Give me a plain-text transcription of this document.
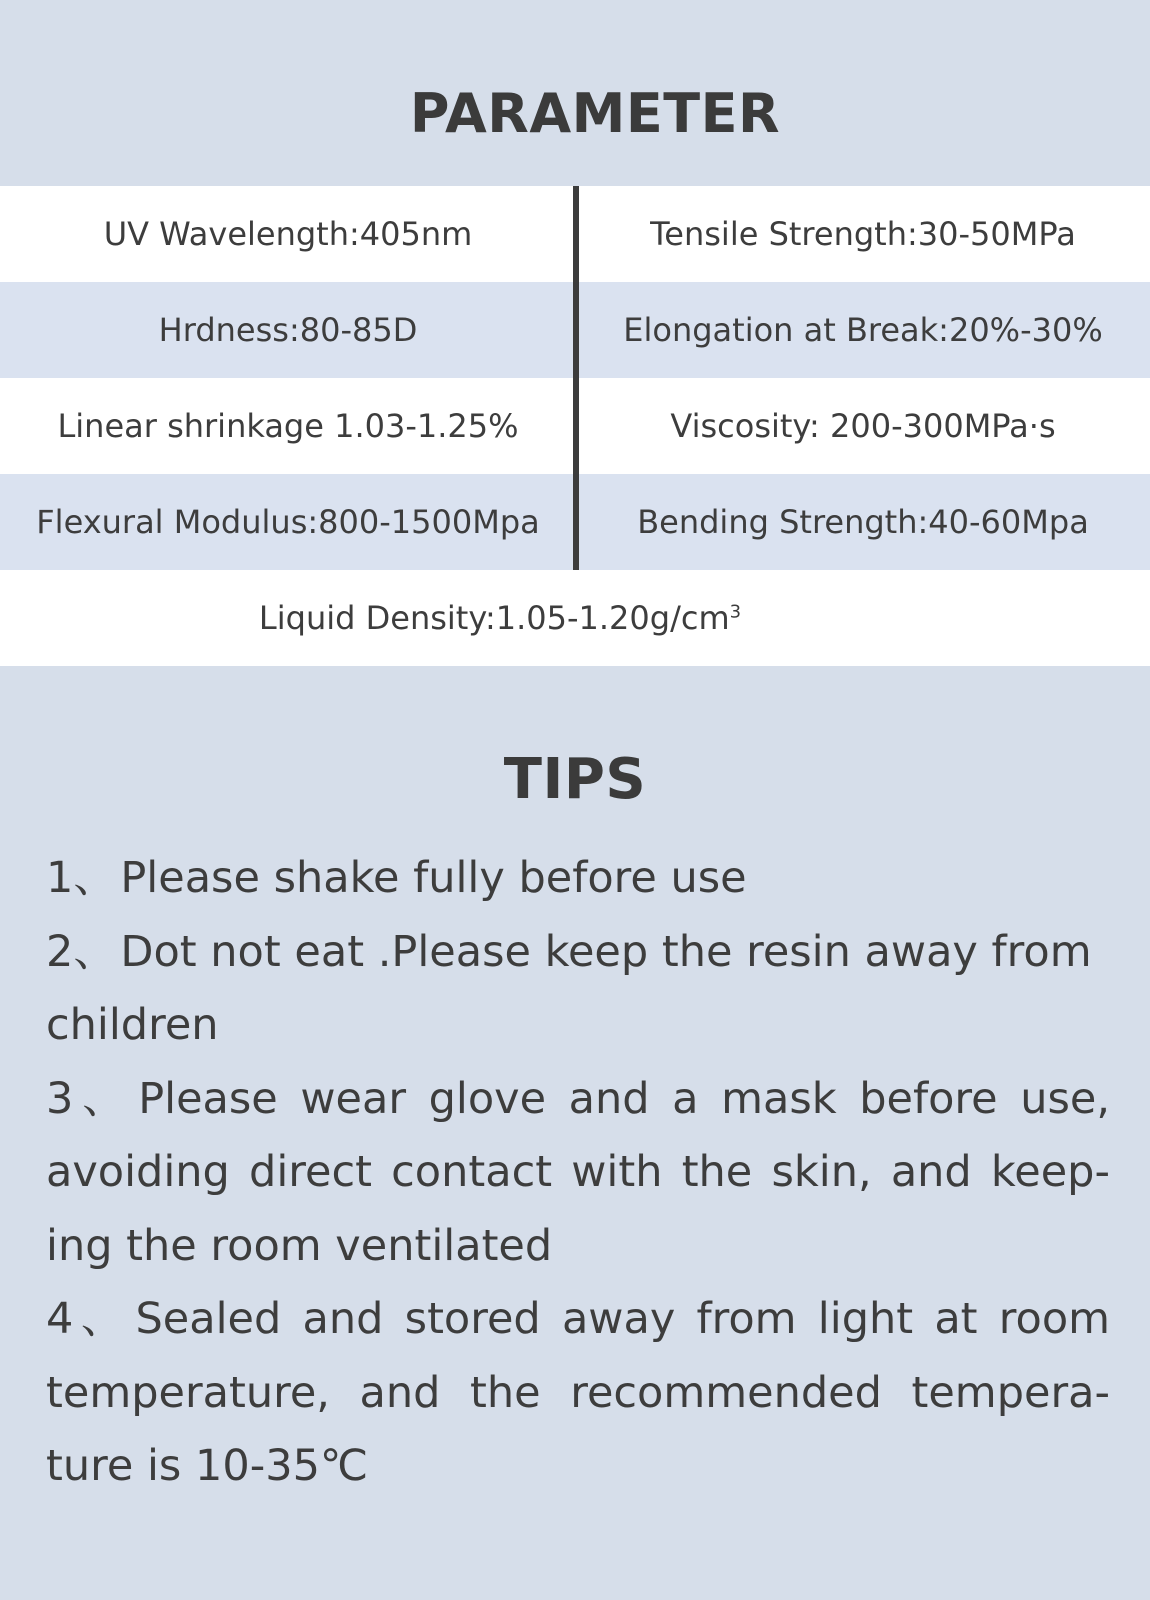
PARAMETER
UV Wavelength:405nm	Tensile Strength:30-50MPa
Hrdness:80-85D	Elongation at Break:20%-30%
Linear shrinkage 1.03-1.25%	Viscosity: 200-300MPa·s
Flexural Modulus:800-1500Mpa	Bending Strength:40-60Mpa
Liquid $Density:1.05-1.20g/cm^3$
TIPS

1、Please shake fully before use

2、Dot not eat .Please keep the resin away from children

3、Please wear glove and a mask before use, avoiding direct contact with the skin, and keep-ing the room ventilated

4、Sealed and stored away from light at room temperature, and the recommended tempera-ture is 10-35℃
